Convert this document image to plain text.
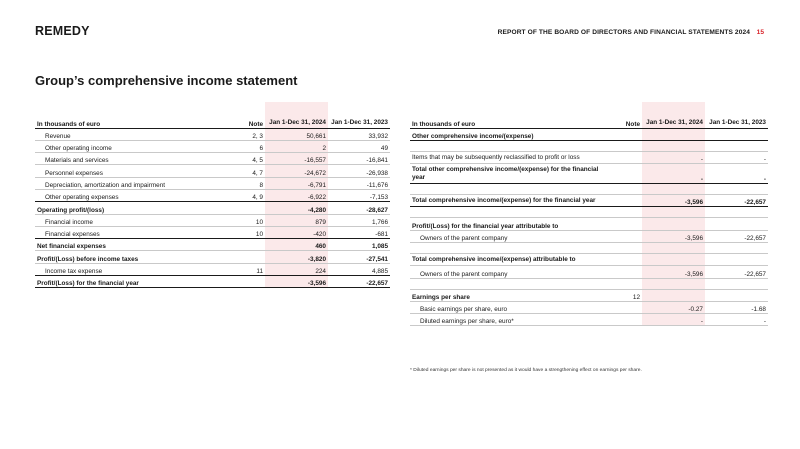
REMEDY	REPORT OF THE BOARD OF DIRECTORS AND FINANCIAL STATEMENTS 2024 15
Group’s comprehensive income statement
In thousands of euro	Note	Jan 1-Dec 31, 2024	Jan 1-Dec 31, 2023
Revenue	2, 3	50,661	33,932
Other operating income	6	2	49
Materials and services	4, 5	-16,557	-16,841
Personnel expenses	4, 7	-24,672	-26,938
Depreciation, amortization and impairment	8	-6,791	-11,676
Other operating expenses	4, 9	-6,922	-7,153
Operating profit/(loss)		-4,280	-28,627
Financial income	10	879	1,766
Financial expenses	10	-420	-681
Net financial expenses		460	1,085
Profit/(Loss) before income taxes		-3,820	-27,541
Income tax expense	11	224	4,885
Profit/(Loss) for the financial year		-3,596	-22,657
In thousands of euro	Note	Jan 1-Dec 31, 2024	Jan 1-Dec 31, 2023
Other comprehensive income/(expense)			

Items that may be subsequently reclassified to profit or loss		-	-
Total other comprehensive income/(expense) for the financial year		-	-

Total comprehensive income/(expense) for the financial year		-3,596	-22,657

Profit/(Loss) for the financial year attributable to			
Owners of the parent company		-3,596	-22,657

Total comprehensive income/(expense) attributable to			
Owners of the parent company		-3,596	-22,657

Earnings per share	12		
Basic earnings per share, euro		-0.27	-1.68
Diluted earnings per share, euro*		-	-
* Diluted earnings per share is not presented as it would have a strengthening effect on earnings per share.
